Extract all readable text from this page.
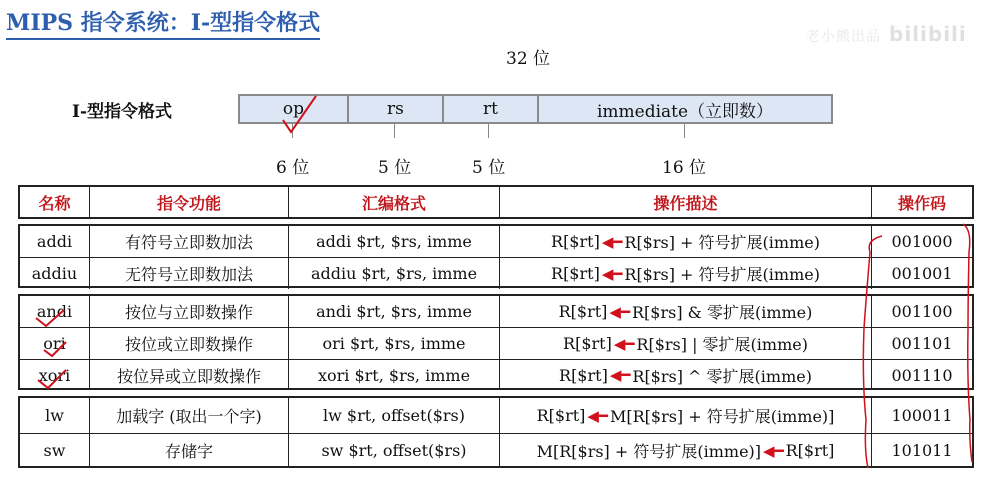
MIPS 指令系统：I-型指令格式
老小熊出品 bilibili
32 位
I-型指令格式	op	rs	rt	immediate（立即数）
6 位	5 位	5 位	16 位
名称	指令功能	汇编格式	操作描述	操作码
addi	有符号立即数加法	addi $rt, $rs, imme	R[$rt] ◀━ R[$rs] + 符号扩展(imme)	001000
addiu	无符号立即数加法	addiu $rt, $rs, imme	R[$rt] ◀━ R[$rs] + 符号扩展(imme)	001001
andi	按位与立即数操作	andi $rt, $rs, imme	R[$rt] ◀━ R[$rs] & 零扩展(imme)	001100
ori	按位或立即数操作	ori $rt, $rs, imme	R[$rt] ◀━ R[$rs] | 零扩展(imme)	001101
xori	按位异或立即数操作	xori $rt, $rs, imme	R[$rt] ◀━ R[$rs] ^ 零扩展(imme)	001110
lw	加载字 (取出一个字)	lw $rt, offset($rs)	R[$rt] ◀━ M[R[$rs] + 符号扩展(imme)]	100011
sw	存储字	sw $rt, offset($rs)	M[R[$rs] + 符号扩展(imme)] ◀━ R[$rt]	101011
